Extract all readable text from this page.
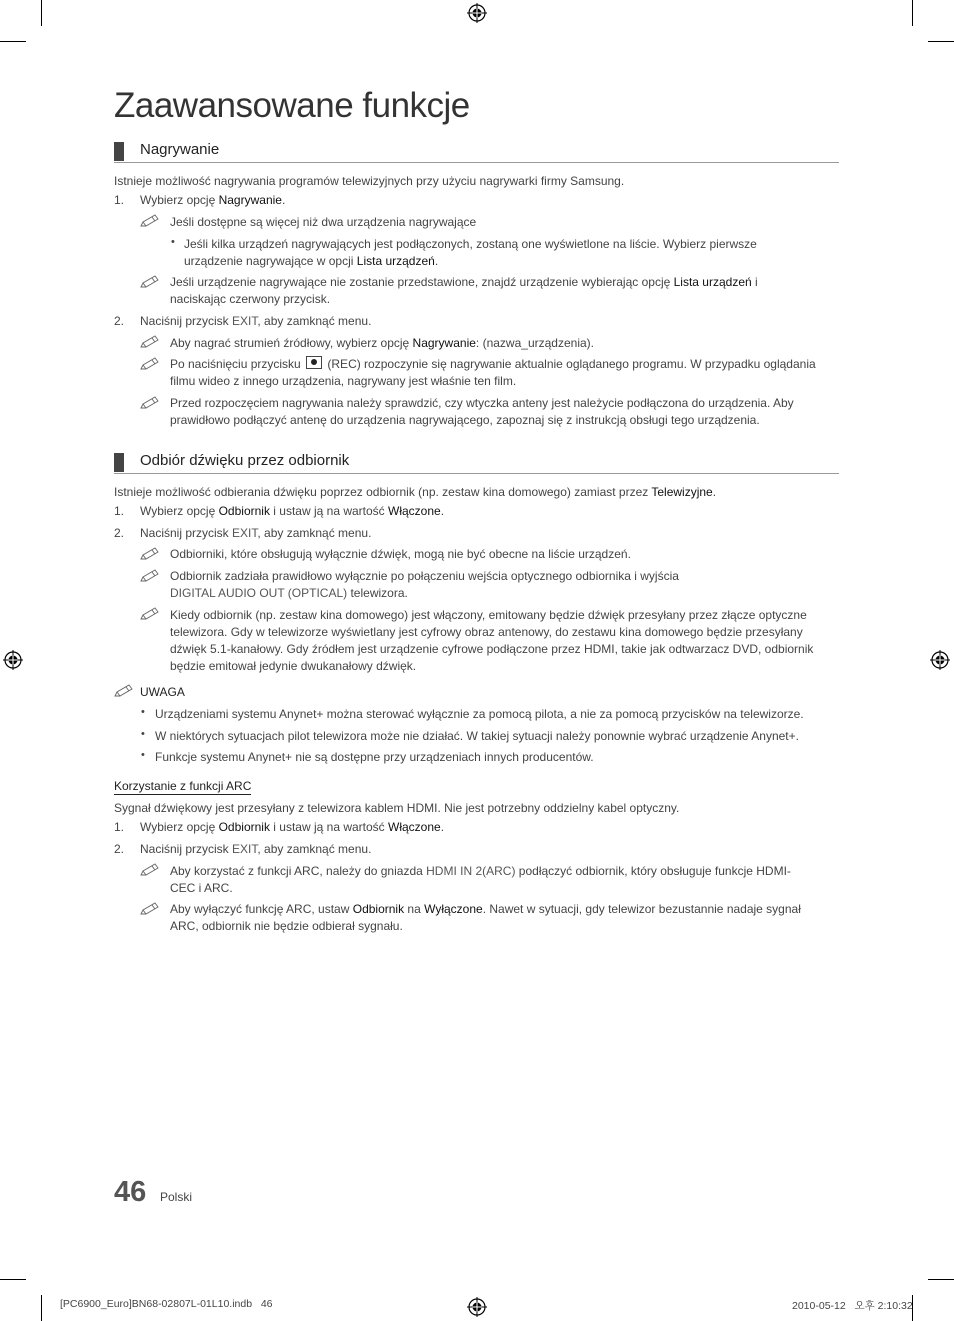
Zaawansowane funkcje
Nagrywanie
Istnieje możliwość nagrywania programów telewizyjnych przy użyciu nagrywarki firmy Samsung.
1. Wybierz opcję Nagrywanie.
Jeśli dostępne są więcej niż dwa urządzenia nagrywające
• Jeśli kilka urządzeń nagrywających jest podłączonych, zostaną one wyświetlone na liście. Wybierz pierwsze
urządzenie nagrywające w opcji Lista urządzeń.
Jeśli urządzenie nagrywające nie zostanie przedstawione, znajdź urządzenie wybierając opcję Lista urządzeń i
naciskając czerwony przycisk.
2. Naciśnij przycisk EXIT, aby zamknąć menu.
Aby nagrać strumień źródłowy, wybierz opcję Nagrywanie: (nazwa_urządzenia).
Po naciśnięciu przycisku  (REC) rozpoczynie się nagrywanie aktualnie oglądanego programu. W przypadku oglądania
filmu wideo z innego urządzenia, nagrywany jest właśnie ten film.
Przed rozpoczęciem nagrywania należy sprawdzić, czy wtyczka anteny jest należycie podłączona do urządzenia. Aby
prawidłowo podłączyć antenę do urządzenia nagrywającego, zapoznaj się z instrukcją obsługi tego urządzenia.
Odbiór dźwięku przez odbiornik
Istnieje możliwość odbierania dźwięku poprzez odbiornik (np. zestaw kina domowego) zamiast przez Telewizyjne.
1. Wybierz opcję Odbiornik i ustaw ją na wartość Włączone.
2. Naciśnij przycisk EXIT, aby zamknąć menu.
Odbiorniki, które obsługują wyłącznie dźwięk, mogą nie być obecne na liście urządzeń.
Odbiornik zadziała prawidłowo wyłącznie po połączeniu wejścia optycznego odbiornika i wyjścia
DIGITAL AUDIO OUT (OPTICAL) telewizora.
Kiedy odbiornik (np. zestaw kina domowego) jest włączony, emitowany będzie dźwięk przesyłany przez złącze optyczne
telewizora. Gdy w telewizorze wyświetlany jest cyfrowy obraz antenowy, do zestawu kina domowego będzie przesyłany
dźwięk 5.1-kanałowy. Gdy źródłem jest urządzenie cyfrowe podłączone przez HDMI, takie jak odtwarzacz DVD, odbiornik
będzie emitował jedynie dwukanałowy dźwięk.
UWAGA
• Urządzeniami systemu Anynet+ można sterować wyłącznie za pomocą pilota, a nie za pomocą przycisków na telewizorze.
• W niektórych sytuacjach pilot telewizora może nie działać. W takiej sytuacji należy ponownie wybrać urządzenie Anynet+.
• Funkcje systemu Anynet+ nie są dostępne przy urządzeniach innych producentów.
Korzystanie z funkcji ARC
Sygnał dźwiękowy jest przesyłany z telewizora kablem HDMI. Nie jest potrzebny oddzielny kabel optyczny.
1. Wybierz opcję Odbiornik i ustaw ją na wartość Włączone.
2. Naciśnij przycisk EXIT, aby zamknąć menu.
Aby korzystać z funkcji ARC, należy do gniazda HDMI IN 2(ARC) podłączyć odbiornik, który obsługuje funkcje HDMI-
CEC i ARC.
Aby wyłączyć funkcję ARC, ustaw Odbiornik na Wyłączone. Nawet w sytuacji, gdy telewizor bezustannie nadaje sygnał
ARC, odbiornik nie będzie odbierał sygnału.
46 Polski
[PC6900_Euro]BN68-02807L-01L10.indb   46	2010-05-12   오후 2:10:32
